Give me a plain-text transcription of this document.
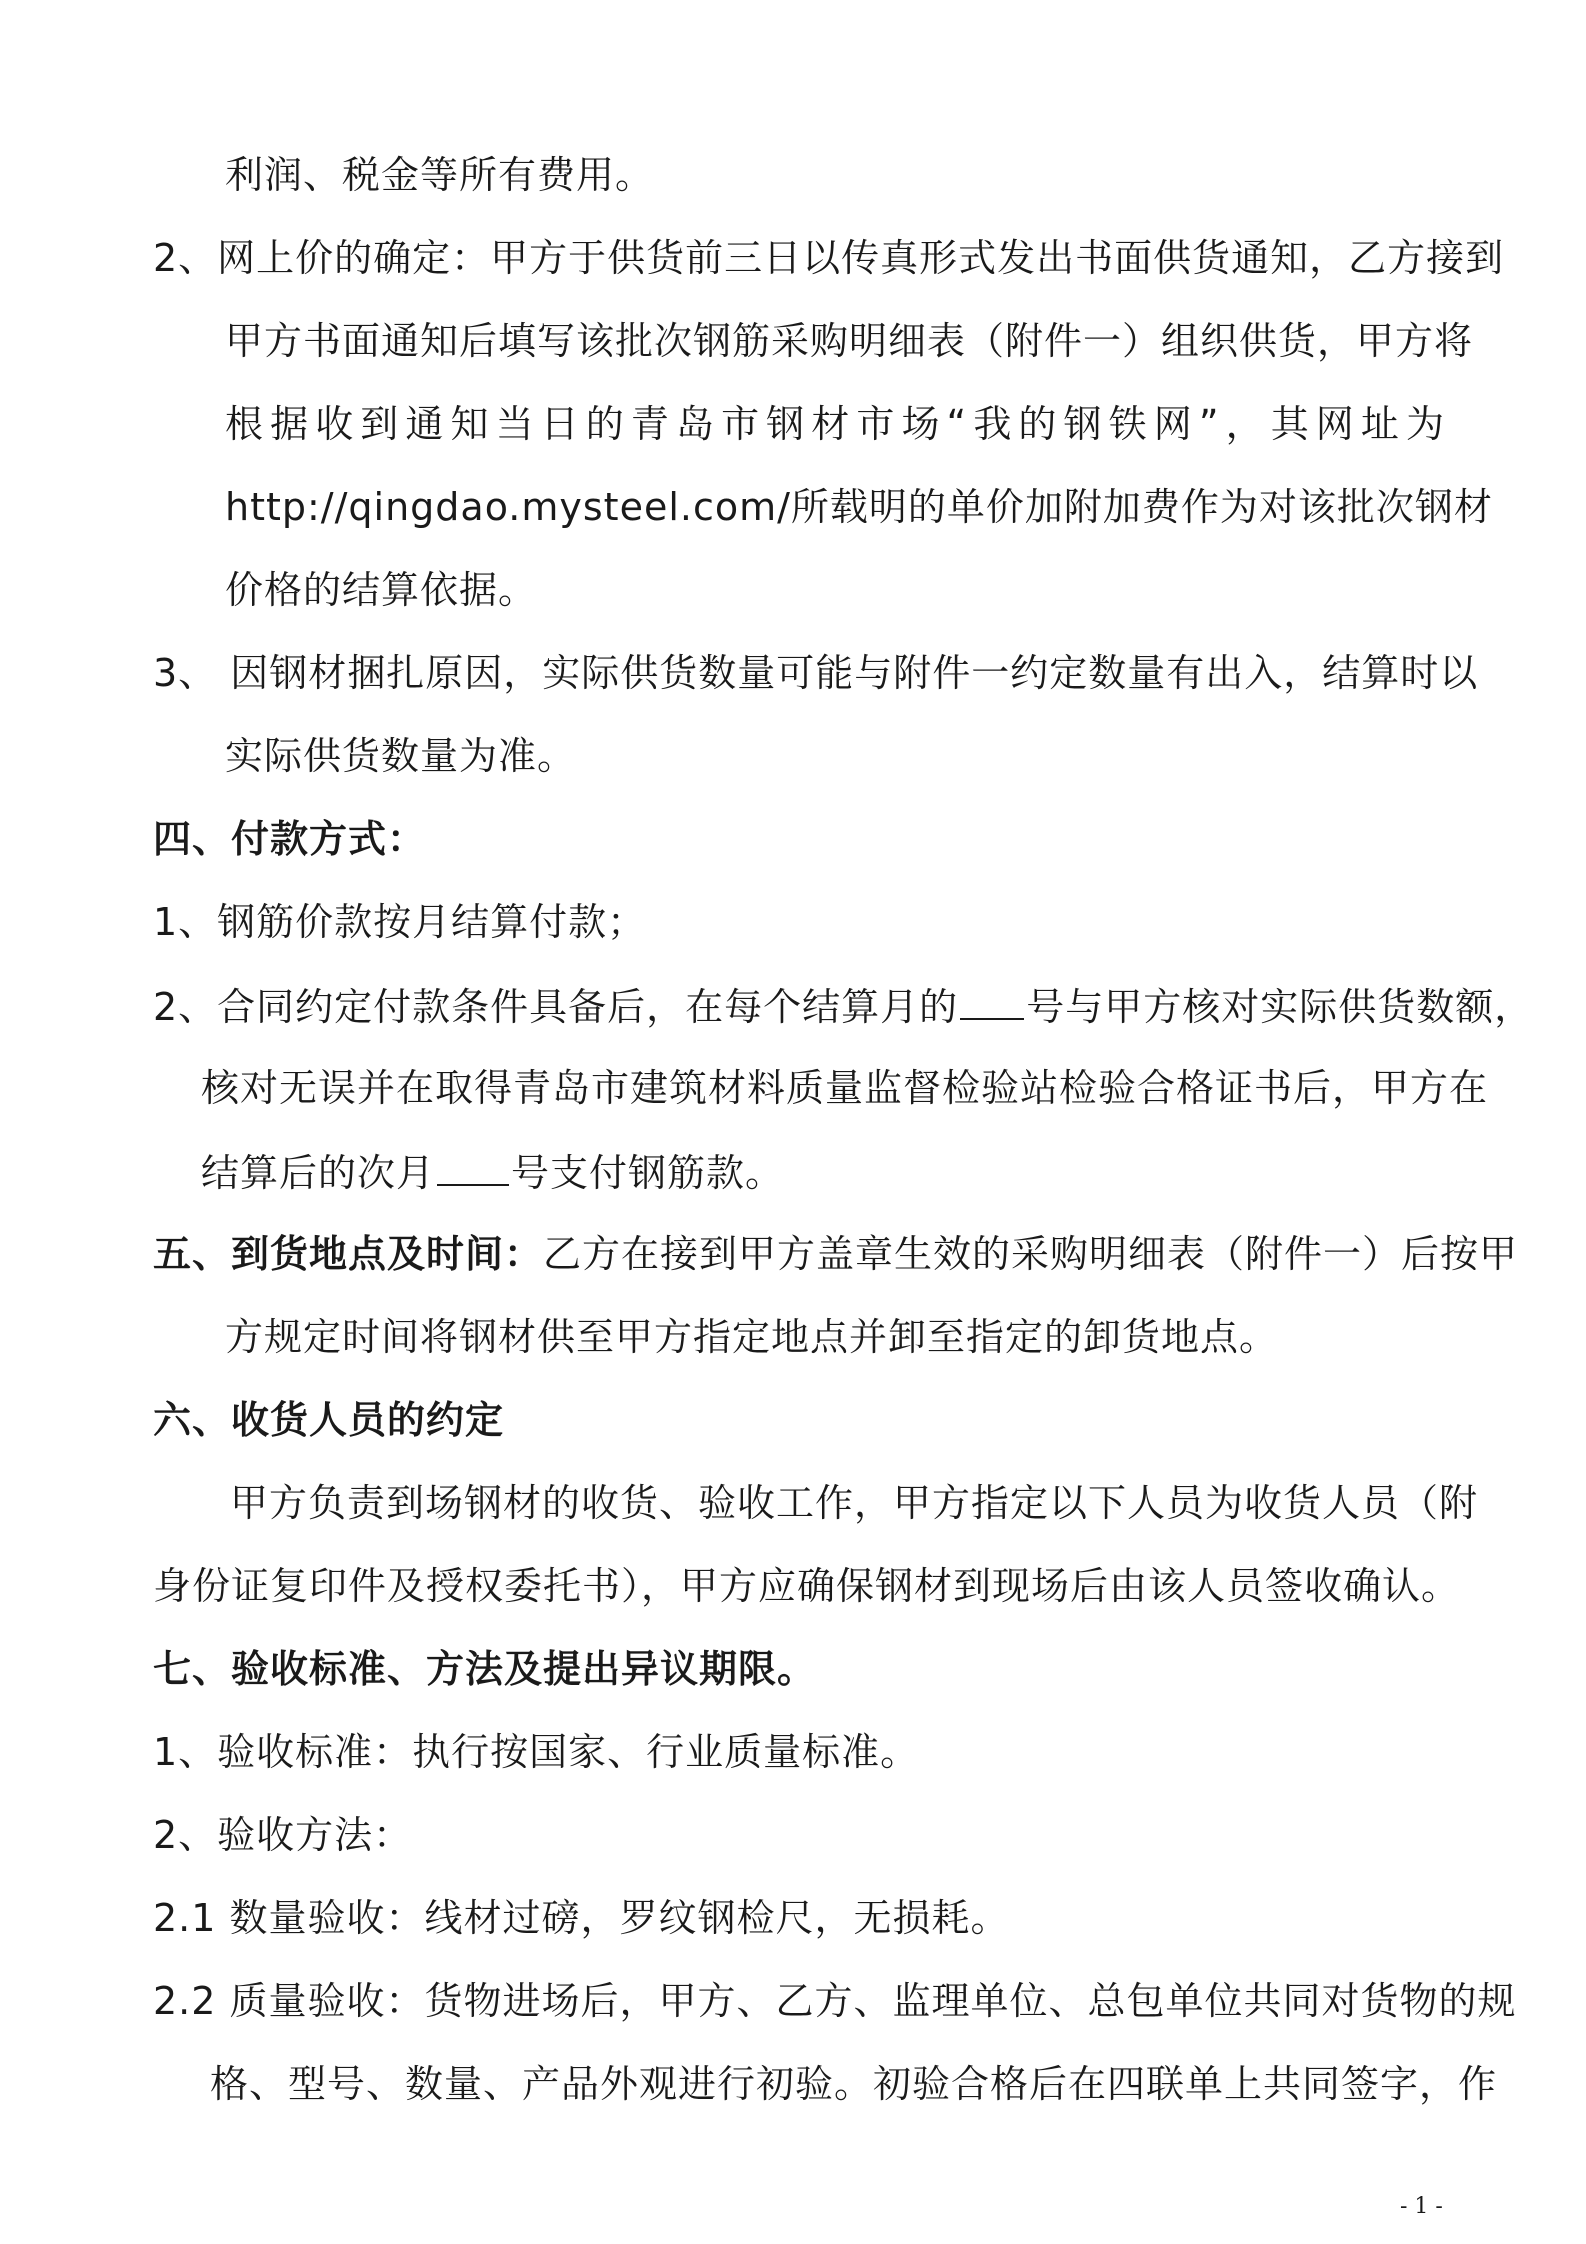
利润、税金等所有费用。
2、网上价的确定：甲方于供货前三日以传真形式发出书面供货通知，乙方接到
甲方书面通知后填写该批次钢筋采购明细表（附件一）组织供货，甲方将
根据收到通知当日的青岛市钢材市场“我的钢铁网”，其网址为
http://qingdao.mysteel.com/所载明的单价加附加费作为对该批次钢材
价格的结算依据。
3、 因钢材捆扎原因，实际供货数量可能与附件一约定数量有出入，结算时以
实际供货数量为准。
四、付款方式：
1、钢筋价款按月结算付款；
2、合同约定付款条件具备后，在每个结算月的 号与甲方核对实际供货数额，
核对无误并在取得青岛市建筑材料质量监督检验站检验合格证书后，甲方在
结算后的次月 号支付钢筋款。
五、到货地点及时间：乙方在接到甲方盖章生效的采购明细表（附件一）后按甲
方规定时间将钢材供至甲方指定地点并卸至指定的卸货地点。
六、收货人员的约定
甲方负责到场钢材的收货、验收工作，甲方指定以下人员为收货人员（附
身份证复印件及授权委托书），甲方应确保钢材到现场后由该人员签收确认。
七、验收标准、方法及提出异议期限。
1、验收标准：执行按国家、行业质量标准。
2、验收方法：
2.1 数量验收：线材过磅，罗纹钢检尺，无损耗。
2.2 质量验收：货物进场后，甲方、乙方、监理单位、总包单位共同对货物的规
格、型号、数量、产品外观进行初验。初验合格后在四联单上共同签字，作
- 1 -
